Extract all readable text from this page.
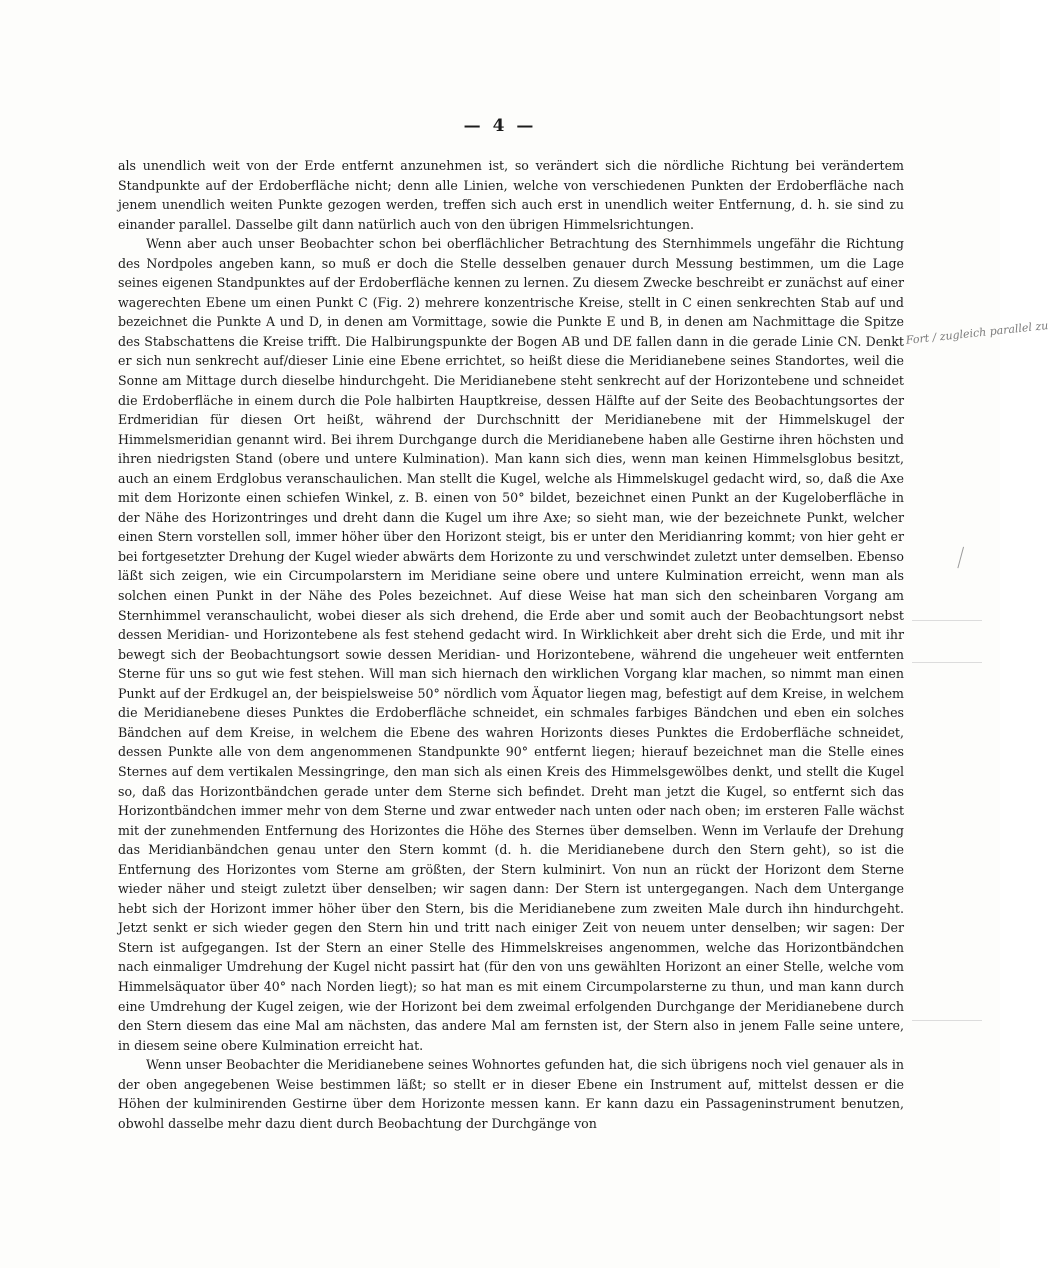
— 4 —

als unendlich weit von der Erde entfernt anzunehmen ist, so verändert sich die nördliche Richtung bei verändertem Standpunkte auf der Erdoberfläche nicht; denn alle Linien, welche von verschiedenen Punkten der Erdoberfläche nach jenem unendlich weiten Punkte gezogen werden, treffen sich auch erst in unendlich weiter Entfernung, d. h. sie sind zu einander parallel. Dasselbe gilt dann natürlich auch von den übrigen Himmelsrichtungen.

Wenn aber auch unser Beobachter schon bei oberflächlicher Betrachtung des Sternhimmels ungefähr die Richtung des Nordpoles angeben kann, so muß er doch die Stelle desselben genauer durch Messung bestimmen, um die Lage seines eigenen Standpunktes auf der Erdoberfläche kennen zu lernen. Zu diesem Zwecke beschreibt er zunächst auf einer wagerechten Ebene um einen Punkt C (Fig. 2) mehrere konzentrische Kreise, stellt in C einen senkrechten Stab auf und bezeichnet die Punkte A und D, in denen am Vormittage, sowie die Punkte E und B, in denen am Nachmittage die Spitze des Stabschattens die Kreise trifft. Die Halbirungspunkte der Bogen AB und DE fallen dann in die gerade Linie CN. Denkt er sich nun senkrecht auf/dieser Linie eine Ebene errichtet, so heißt diese die Meridianebene seines Standortes, weil die Sonne am Mittage durch dieselbe hindurchgeht. Die Meridianebene steht senkrecht auf der Horizontebene und schneidet die Erdoberfläche in einem durch die Pole halbirten Hauptkreise, dessen Hälfte auf der Seite des Beobachtungsortes der Erdmeridian für diesen Ort heißt, während der Durchschnitt der Meridianebene mit der Himmelskugel der Himmelsmeridian genannt wird. Bei ihrem Durchgange durch die Meridianebene haben alle Gestirne ihren höchsten und ihren niedrigsten Stand (obere und untere Kulmination). Man kann sich dies, wenn man keinen Himmelsglobus besitzt, auch an einem Erdglobus veranschaulichen. Man stellt die Kugel, welche als Himmelskugel gedacht wird, so, daß die Axe mit dem Horizonte einen schiefen Winkel, z. B. einen von 50° bildet, bezeichnet einen Punkt an der Kugeloberfläche in der Nähe des Horizontringes und dreht dann die Kugel um ihre Axe; so sieht man, wie der bezeichnete Punkt, welcher einen Stern vorstellen soll, immer höher über den Horizont steigt, bis er unter den Meridianring kommt; von hier geht er bei fortgesetzter Drehung der Kugel wieder abwärts dem Horizonte zu und verschwindet zuletzt unter demselben. Ebenso läßt sich zeigen, wie ein Circumpolarstern im Meridiane seine obere und untere Kulmination erreicht, wenn man als solchen einen Punkt in der Nähe des Poles bezeichnet. Auf diese Weise hat man sich den scheinbaren Vorgang am Sternhimmel veranschaulicht, wobei dieser als sich drehend, die Erde aber und somit auch der Beobachtungsort nebst dessen Meridian- und Horizontebene als fest stehend gedacht wird. In Wirklichkeit aber dreht sich die Erde, und mit ihr bewegt sich der Beobachtungsort sowie dessen Meridian- und Horizontebene, während die ungeheuer weit entfernten Sterne für uns so gut wie fest stehen. Will man sich hiernach den wirklichen Vorgang klar machen, so nimmt man einen Punkt auf der Erdkugel an, der beispielsweise 50° nördlich vom Äquator liegen mag, befestigt auf dem Kreise, in welchem die Meridianebene dieses Punktes die Erdoberfläche schneidet, ein schmales farbiges Bändchen und eben ein solches Bändchen auf dem Kreise, in welchem die Ebene des wahren Horizonts dieses Punktes die Erdoberfläche schneidet, dessen Punkte alle von dem angenommenen Standpunkte 90° entfernt liegen; hierauf bezeichnet man die Stelle eines Sternes auf dem vertikalen Messingringe, den man sich als einen Kreis des Himmelsgewölbes denkt, und stellt die Kugel so, daß das Horizontbändchen gerade unter dem Sterne sich befindet. Dreht man jetzt die Kugel, so entfernt sich das Horizontbändchen immer mehr von dem Sterne und zwar entweder nach unten oder nach oben; im ersteren Falle wächst mit der zunehmenden Entfernung des Horizontes die Höhe des Sternes über demselben. Wenn im Verlaufe der Drehung das Meridianbändchen genau unter den Stern kommt (d. h. die Meridianebene durch den Stern geht), so ist die Entfernung des Horizontes vom Sterne am größten, der Stern kulminirt. Von nun an rückt der Horizont dem Sterne wieder näher und steigt zuletzt über denselben; wir sagen dann: Der Stern ist untergegangen. Nach dem Untergange hebt sich der Horizont immer höher über den Stern, bis die Meridianebene zum zweiten Male durch ihn hindurchgeht. Jetzt senkt er sich wieder gegen den Stern hin und tritt nach einiger Zeit von neuem unter denselben; wir sagen: Der Stern ist aufgegangen. Ist der Stern an einer Stelle des Himmelskreises angenommen, welche das Horizontbändchen nach einmaliger Umdrehung der Kugel nicht passirt hat (für den von uns gewählten Horizont an einer Stelle, welche vom Himmelsäquator über 40° nach Norden liegt); so hat man es mit einem Circumpolarsterne zu thun, und man kann durch eine Umdrehung der Kugel zeigen, wie der Horizont bei dem zweimal erfolgenden Durchgange der Meridianebene durch den Stern diesem das eine Mal am nächsten, das andere Mal am fernsten ist, der Stern also in jenem Falle seine untere, in diesem seine obere Kulmination erreicht hat.

Wenn unser Beobachter die Meridianebene seines Wohnortes gefunden hat, die sich übrigens noch viel genauer als in der oben angegebenen Weise bestimmen läßt; so stellt er in dieser Ebene ein Instrument auf, mittelst dessen er die Höhen der kulminirenden Gestirne über dem Horizonte messen kann. Er kann dazu ein Passageninstrument benutzen, obwohl dasselbe mehr dazu dient durch Beobachtung der Durchgänge von

Fort / zugleich parallel zu
